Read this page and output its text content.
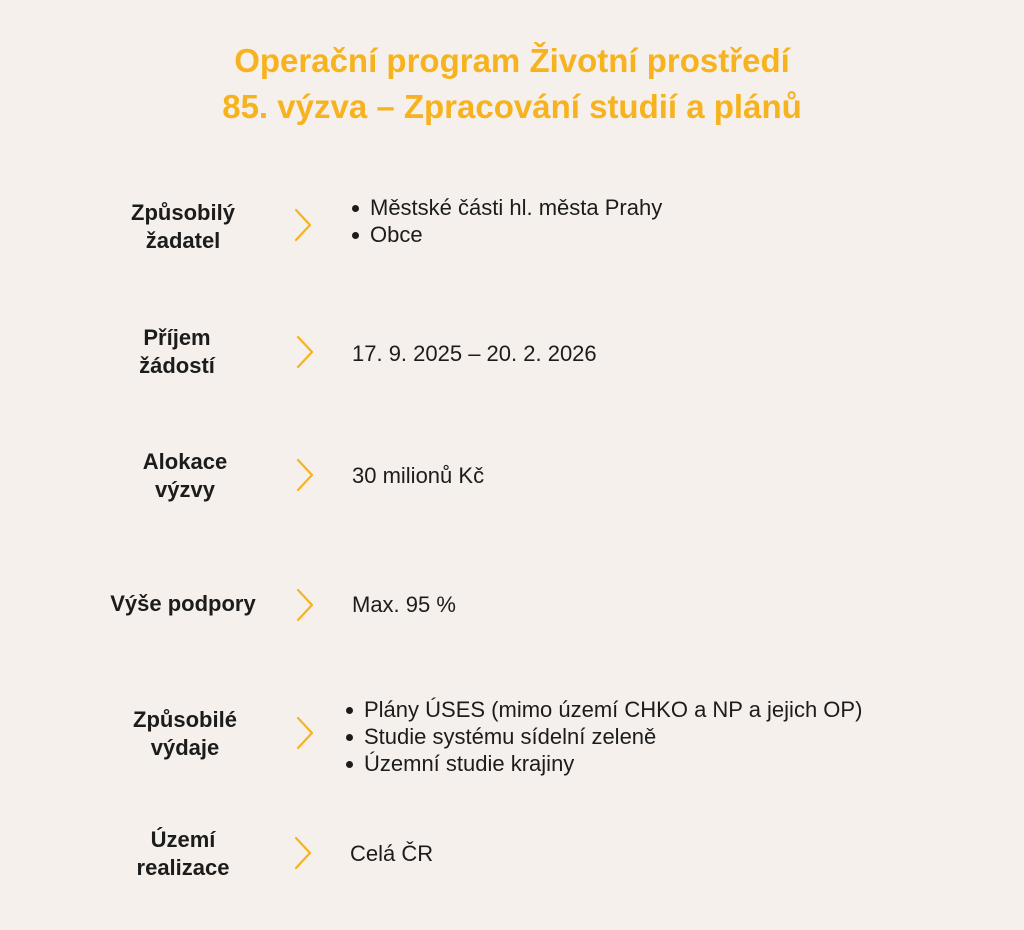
Operační program Životní prostředí
85. výzva – Zpracování studií a plánů
Způsobilý
žadatel
Městské části hl. města Prahy
Obce
Příjem
žádostí	17. 9. 2025 – 20. 2. 2026
Alokace
výzvy
30 milionů Kč
Výše podpory	Max. 95 %
Způsobilé
výdaje
Plány ÚSES (mimo území CHKO a NP a jejich OP)
Studie systému sídelní zeleně
Územní studie krajiny
Území
realizace
Celá ČR
